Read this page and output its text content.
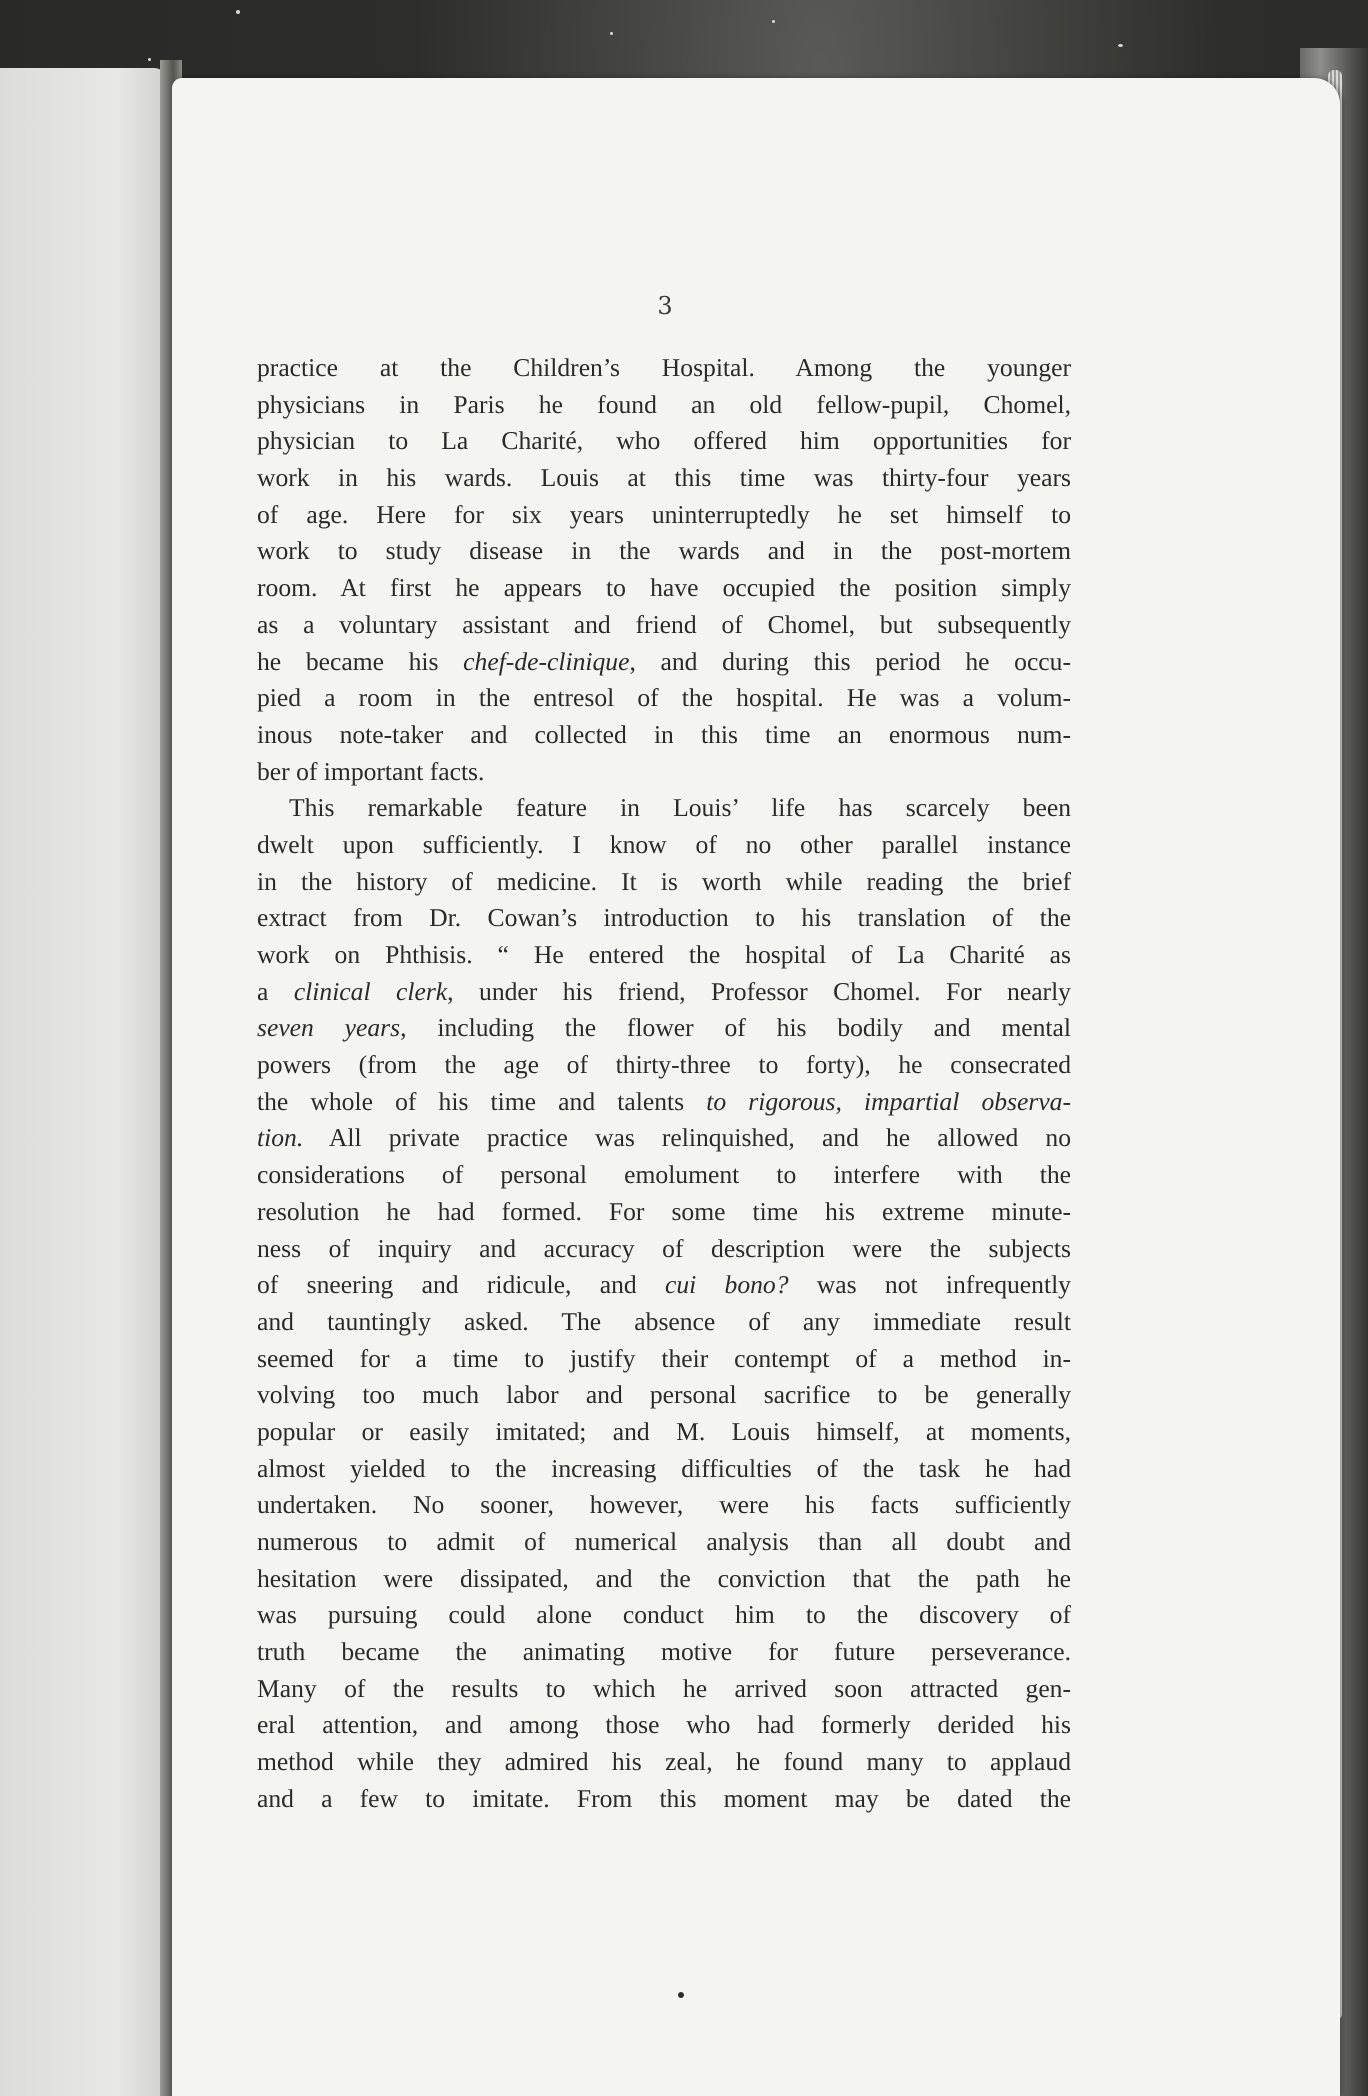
3
practice at the Children’s Hospital. Among the younger
physicians in Paris he found an old fellow-pupil, Chomel,
physician to La Charité, who offered him opportunities for
work in his wards. Louis at this time was thirty-four years
of age. Here for six years uninterruptedly he set himself to
work to study disease in the wards and in the post-mortem
room. At first he appears to have occupied the position simply
as a voluntary assistant and friend of Chomel, but subsequently
he became his chef-de-clinique, and during this period he occu-
pied a room in the entresol of the hospital. He was a volum-
inous note-taker and collected in this time an enormous num-
ber of important facts.
This remarkable feature in Louis’ life has scarcely been
dwelt upon sufficiently. I know of no other parallel instance
in the history of medicine. It is worth while reading the brief
extract from Dr. Cowan’s introduction to his translation of the
work on Phthisis. “ He entered the hospital of La Charité as
a clinical clerk, under his friend, Professor Chomel. For nearly
seven years, including the flower of his bodily and mental
powers (from the age of thirty-three to forty), he consecrated
the whole of his time and talents to rigorous, impartial observa-
tion. All private practice was relinquished, and he allowed no
considerations of personal emolument to interfere with the
resolution he had formed. For some time his extreme minute-
ness of inquiry and accuracy of description were the subjects
of sneering and ridicule, and cui bono? was not infrequently
and tauntingly asked. The absence of any immediate result
seemed for a time to justify their contempt of a method in-
volving too much labor and personal sacrifice to be generally
popular or easily imitated; and M. Louis himself, at moments,
almost yielded to the increasing difficulties of the task he had
undertaken. No sooner, however, were his facts sufficiently
numerous to admit of numerical analysis than all doubt and
hesitation were dissipated, and the conviction that the path he
was pursuing could alone conduct him to the discovery of
truth became the animating motive for future perseverance.
Many of the results to which he arrived soon attracted gen-
eral attention, and among those who had formerly derided his
method while they admired his zeal, he found many to applaud
and a few to imitate. From this moment may be dated the
